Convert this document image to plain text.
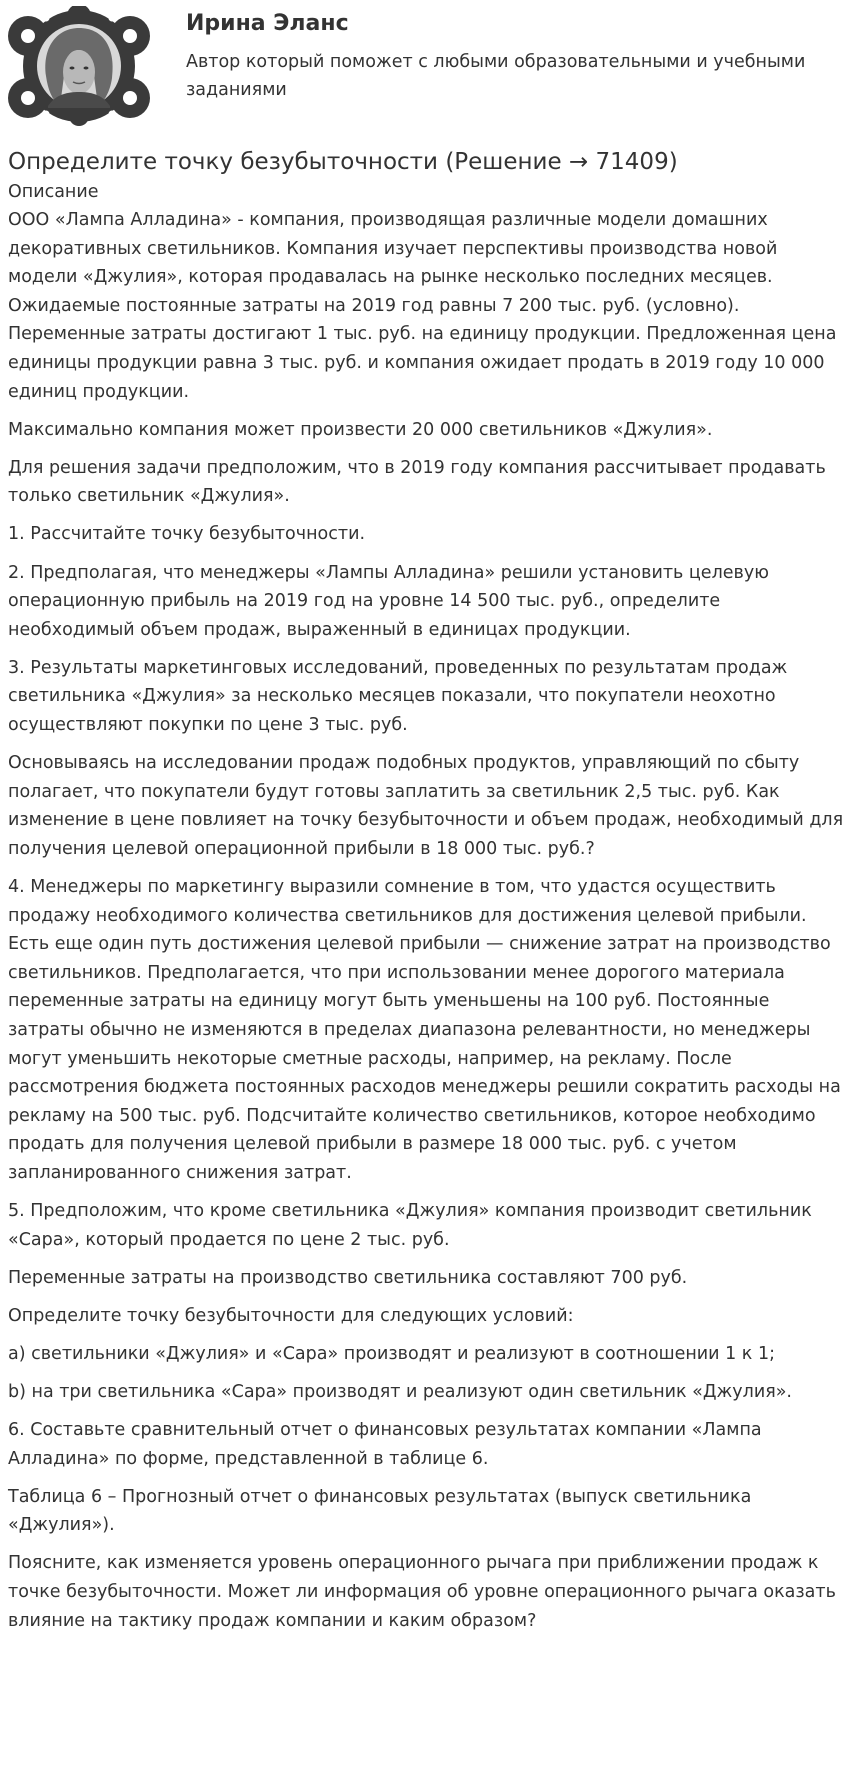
Ирина Эланс
Автор который поможет с любыми образовательными и учебными заданиями
Определите точку безубыточности (Решение → 71409)
Описание

ООО «Лампа Алладина» - компания, производящая различные модели домашних декоративных светильников. Компания изучает перспективы производства новой модели «Джулия», которая продавалась на рынке несколько последних месяцев. Ожидаемые постоянные затраты на 2019 год равны 7 200 тыс. руб. (условно). Переменные затраты достигают 1 тыс. руб. на единицу продукции. Предложенная цена единицы продукции равна 3 тыс. руб. и компания ожидает продать в 2019 году 10 000 единиц продукции.

Максимально компания может произвести 20 000 светильников «Джулия».

Для решения задачи предположим, что в 2019 году компания рассчитывает продавать только светильник «Джулия».

1. Рассчитайте точку безубыточности.

2. Предполагая, что менеджеры «Лампы Алладина» решили установить целевую операционную прибыль на 2019 год на уровне 14 500 тыс. руб., определите необходимый объем продаж, выраженный в единицах продукции.

3. Результаты маркетинговых исследований, проведенных по результатам продаж светильника «Джулия» за несколько месяцев показали, что покупатели неохотно осуществляют покупки по цене 3 тыс. руб.

Основываясь на исследовании продаж подобных продуктов, управляющий по сбыту полагает, что покупатели будут готовы заплатить за светильник 2,5 тыс. руб. Как изменение в цене повлияет на точку безубыточности и объем продаж, необходимый для получения целевой операционной прибыли в 18 000 тыс. руб.?

4. Менеджеры по маркетингу выразили сомнение в том, что удастся осуществить продажу необходимого количества светильников для достижения целевой прибыли. Есть еще один путь достижения целевой прибыли — снижение затрат на производство светильников. Предполагается, что при использовании менее дорогого материала переменные затраты на единицу могут быть уменьшены на 100 руб. Постоянные затраты обычно не изменяются в пределах диапазона релевантности, но менеджеры могут уменьшить некоторые сметные расходы, например, на рекламу. После рассмотрения бюджета постоянных расходов менеджеры решили сократить расходы на рекламу на 500 тыс. руб. Подсчитайте количество светильников, которое необходимо продать для получения целевой прибыли в размере 18 000 тыс. руб. с учетом запланированного снижения затрат.

5. Предположим, что кроме светильника «Джулия» компания производит светильник «Сара», который продается по цене 2 тыс. руб.

Переменные затраты на производство светильника составляют 700 руб.

Определите точку безубыточности для следующих условий:

а) светильники «Джулия» и «Сара» производят и реализуют в соотношении 1 к 1;

b) на три светильника «Сара» производят и реализуют один светильник «Джулия».

6. Составьте сравнительный отчет о финансовых результатах компании «Лампа Алладина» по форме, представленной в таблице 6.

Таблица 6 – Прогнозный отчет о финансовых результатах (выпуск светильника «Джулия»).

Поясните, как изменяется уровень операционного рычага при приближении продаж к точке безубыточности. Может ли информация об уровне операционного рычага оказать влияние на тактику продаж компании и каким образом?
